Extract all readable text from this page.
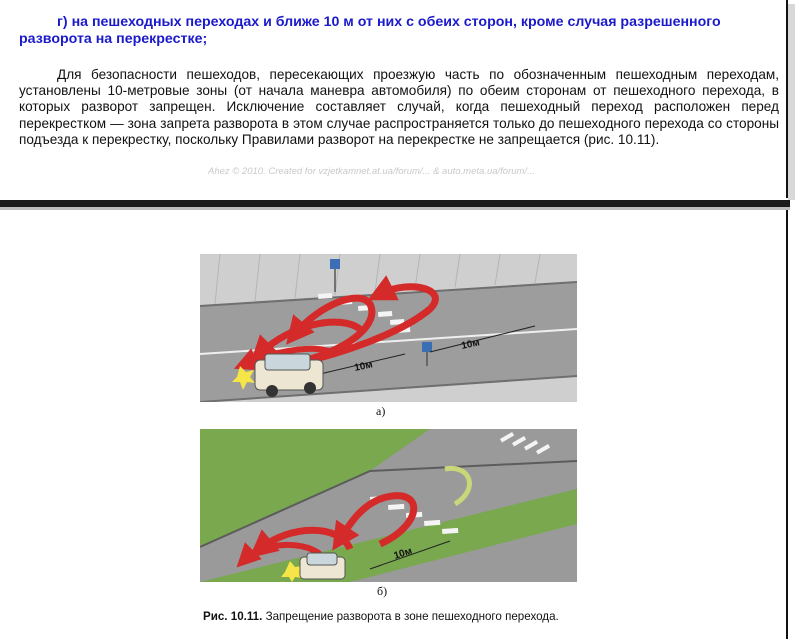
г) на пешеходных переходах и ближе 10 м от них с обеих сторон, кроме случая разрешенного разворота на перекрестке;

Для безопасности пешеходов, пересекающих проезжую часть по обозначенным пешеходным переходам, установлены 10-метровые зоны (от начала маневра автомобиля) по обеим сторонам от пешеходного перехода, в которых разворот запрещен. Исключение составляет случай, когда пешеходный переход расположен перед перекрестком — зона запрета разворота в этом случае распространяется только до пешеходного перехода со стороны подъезда к перекрестку, поскольку Правилами разворот на перекрестке не запрещается (рис. 10.11).

Ahez © 2010. Created for vzjetkamnet.at.ua/forum/... & auto.meta.ua/forum/...
10м
10м
а)
10м
б)
Рис. 10.11. Запрещение разворота в зоне пешеходного перехода.
